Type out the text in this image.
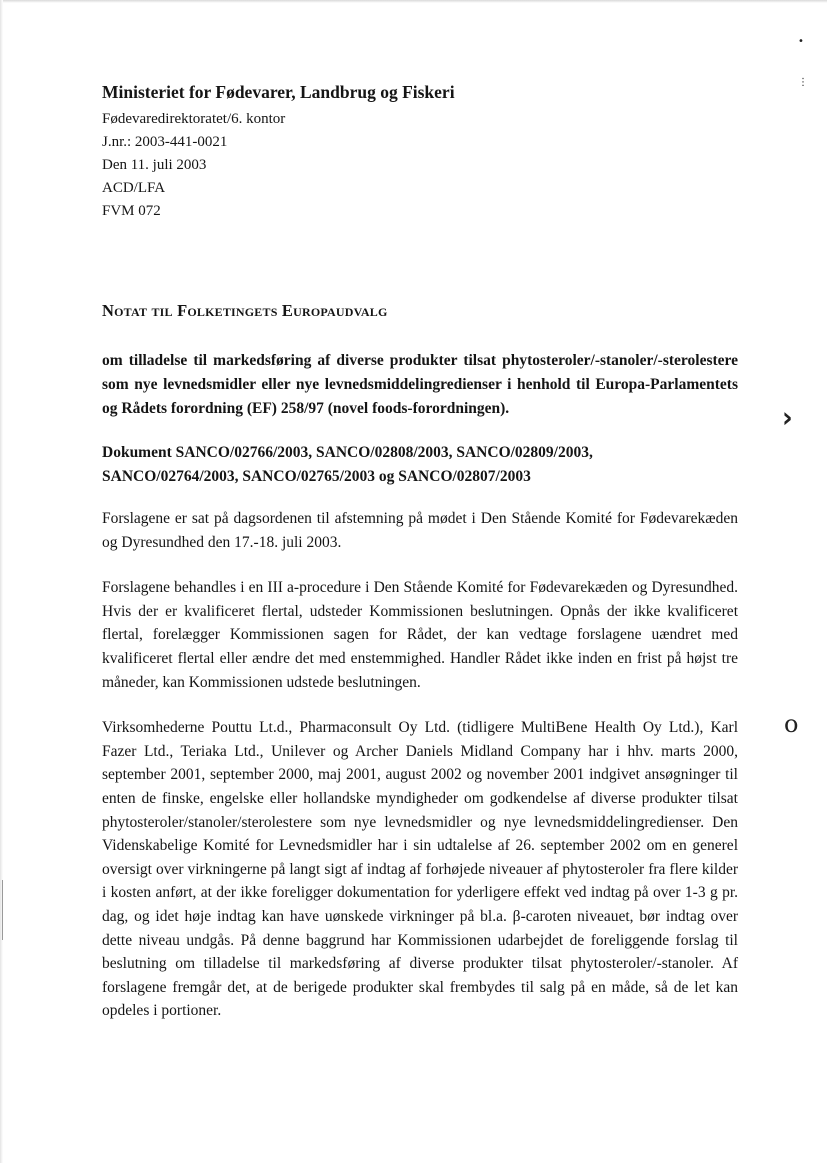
•
⋮
›
o
Ministeriet for Fødevarer, Landbrug og Fiskeri
Fødevaredirektoratet/6. kontor
J.nr.: 2003-441-0021
Den 11. juli 2003
ACD/LFA
FVM 072
Notat til Folketingets Europaudvalg
om tilladelse til markedsføring af diverse produkter tilsat phytosteroler/-stanoler/-sterolestere som nye levnedsmidler eller nye levnedsmiddelingredienser i henhold til Europa-Parlamentets og Rådets forordning (EF) 258/97 (novel foods-forordningen).
Dokument SANCO/02766/2003, SANCO/02808/2003, SANCO/02809/2003,
SANCO/02764/2003, SANCO/02765/2003 og SANCO/02807/2003

Forslagene er sat på dagsordenen til afstemning på mødet i Den Stående Komité for Fødevarekæden og Dyresundhed den 17.-18. juli 2003.

Forslagene behandles i en III a-procedure i Den Stående Komité for Fødevarekæden og Dyresundhed. Hvis der er kvalificeret flertal, udsteder Kommissionen beslutningen. Opnås der ikke kvalificeret flertal, forelægger Kommissionen sagen for Rådet, der kan vedtage forslagene uændret med kvalificeret flertal eller ændre det med enstemmighed. Handler Rådet ikke inden en frist på højst tre måneder, kan Kommissionen udstede beslutningen.

Virksomhederne Pouttu Lt.d., Pharmaconsult Oy Ltd. (tidligere MultiBene Health Oy Ltd.), Karl Fazer Ltd., Teriaka Ltd., Unilever og Archer Daniels Midland Company har i hhv. marts 2000, september 2001, september 2000, maj 2001, august 2002 og november 2001 indgivet ansøgninger til enten de finske, engelske eller hollandske myndigheder om godkendelse af diverse produkter tilsat phytosteroler/stanoler/sterolestere som nye levnedsmidler og nye levnedsmiddelingredienser. Den Videnskabelige Komité for Levnedsmidler har i sin udtalelse af 26. september 2002 om en generel oversigt over virkningerne på langt sigt af indtag af forhøjede niveauer af phytosteroler fra flere kilder i kosten anført, at der ikke foreligger dokumentation for yderligere effekt ved indtag på over 1-3 g pr. dag, og idet høje indtag kan have uønskede virkninger på bl.a. β-caroten niveauet, bør indtag over dette niveau undgås. På denne baggrund har Kommissionen udarbejdet de foreliggende forslag til beslutning om tilladelse til markedsføring af diverse produkter tilsat phytosteroler/-stanoler. Af forslagene fremgår det, at de berigede produkter skal frembydes til salg på en måde, så de let kan opdeles i portioner.
